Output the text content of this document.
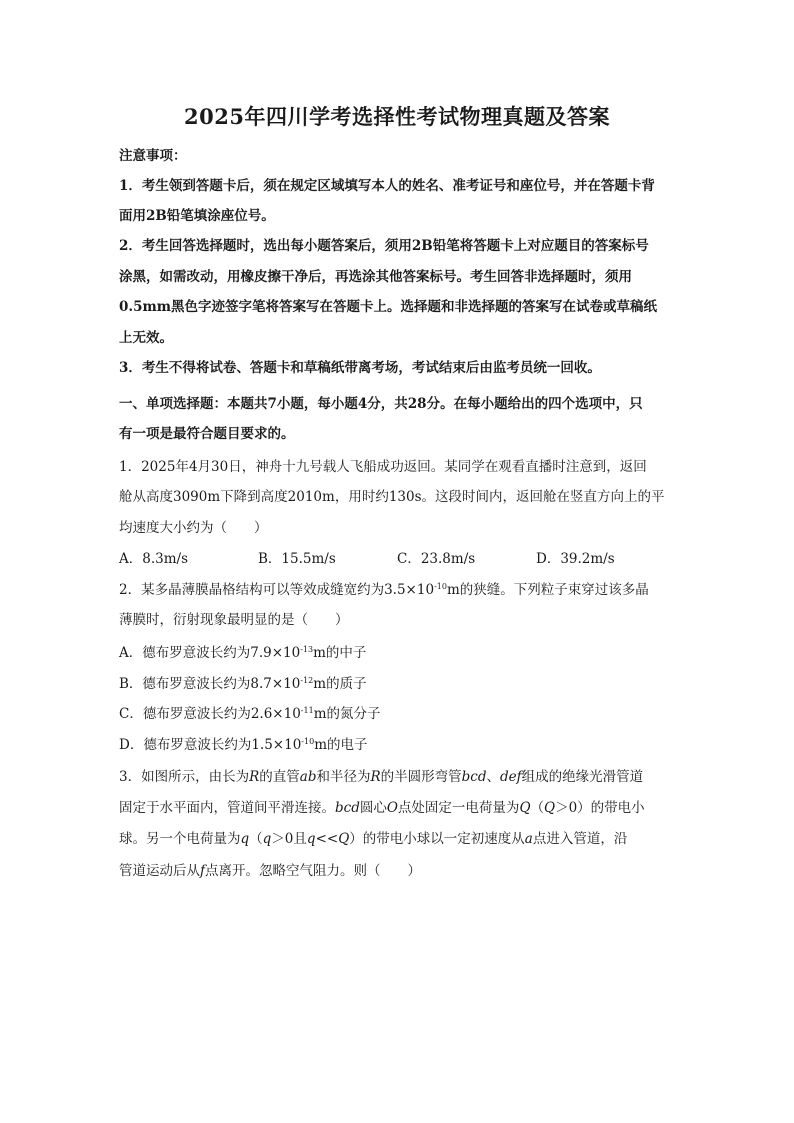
2025年四川学考选择性考试物理真题及答案
注意事项：
1．考生领到答题卡后，须在规定区域填写本人的姓名、准考证号和座位号，并在答题卡背
面用2B铅笔填涂座位号。
2．考生回答选择题时，选出每小题答案后，须用2B铅笔将答题卡上对应题目的答案标号
涂黑，如需改动，用橡皮擦干净后，再选涂其他答案标号。考生回答非选择题时，须用
0.5mm黑色字迹签字笔将答案写在答题卡上。选择题和非选择题的答案写在试卷或草稿纸
上无效。
3．考生不得将试卷、答题卡和草稿纸带离考场，考试结束后由监考员统一回收。
一、单项选择题：本题共7小题，每小题4分，共28分。在每小题给出的四个选项中，只
有一项是最符合题目要求的。
1．2025年4月30日，神舟十九号载人飞船成功返回。某同学在观看直播时注意到，返回
舱从高度3090m下降到高度2010m，用时约130s。这段时间内，返回舱在竖直方向上的平
均速度大小约为（　　）
A．8.3m/s	B．15.5m/s	C．23.8m/s	D．39.2m/s
2．某多晶薄膜晶格结构可以等效成缝宽约为$3.5\times 10^{-10}m$的狭缝。下列粒子束穿过该多晶
薄膜时，衍射现象最明显的是（　　）
A．德布罗意波长约为$7.9\times 10^{-13}m$的中子
B．德布罗意波长约为$8.7\times 10^{-12}m$的质子
C．德布罗意波长约为$2.6\times 10^{-11}m$的氮分子
D．德布罗意波长约为$1.5\times 10^{-10}m$的电子
3．如图所示，由长为R的直管ab和半径为R的半圆形弯管bcd、def组成的绝缘光滑管道
固定于水平面内，管道间平滑连接。bcd圆心O点处固定一电荷量为Q（Q＞0）的带电小
球。另一个电荷量为q（q＞0且q<<Q）的带电小球以一定初速度从a点进入管道，沿
管道运动后从f点离开。忽略空气阻力。则（　　）
